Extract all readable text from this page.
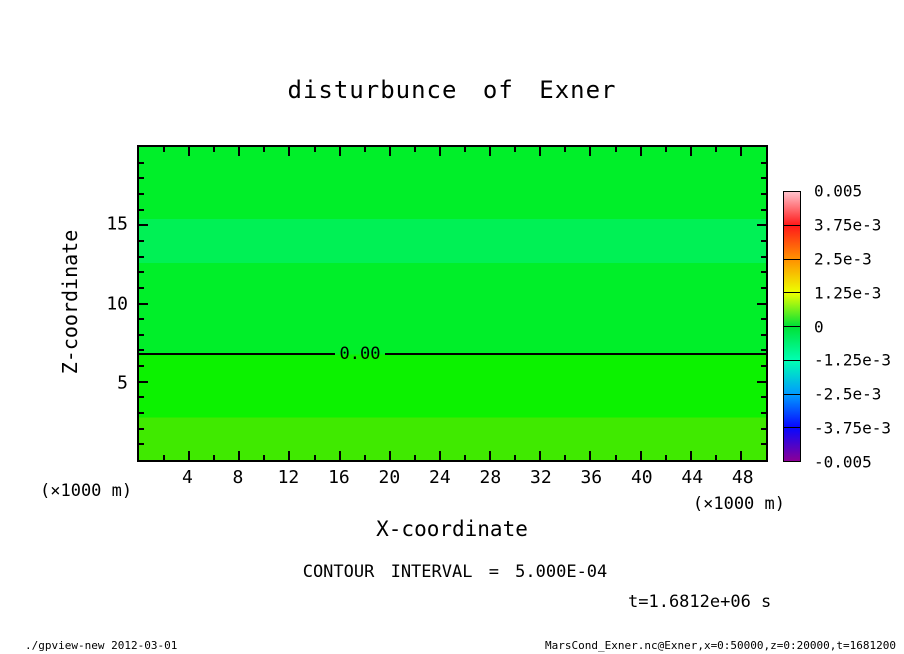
disturbunce of Exner
Z-coordinate	0.00
5
10
15
4	8	12	16	20	24	28	32	36	40	44	48
(×1000 m)
(×1000 m)
X-coordinate
CONTOUR INTERVAL = 5.000E-04
t=1.6812e+06 s
0.005
3.75e-3
2.5e-3
1.25e-3
0
-1.25e-3
-2.5e-3
-3.75e-3
-0.005
./gpview-new 2012-03-01	MarsCond_Exner.nc@Exner,x=0:50000,z=0:20000,t=1681200
